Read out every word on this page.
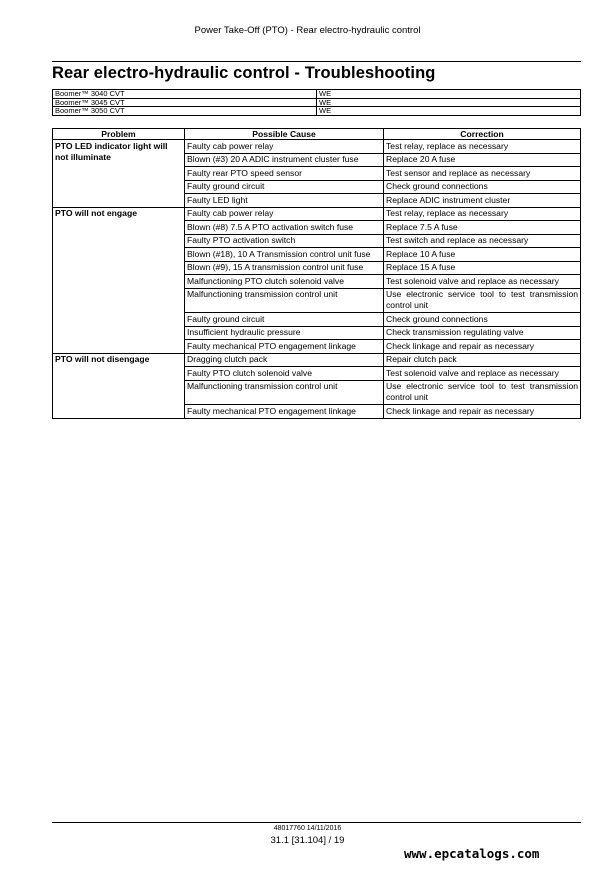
Power Take-Off (PTO) - Rear electro-hydraulic control
Rear electro-hydraulic control - Troubleshooting
Boomer™ 3040 CVT	WE
Boomer™ 3045 CVT	WE
Boomer™ 3050 CVT	WE
Problem	Possible Cause	Correction
PTO LED indicator light will not illuminate	Faulty cab power relay	Test relay, replace as necessary
	Blown (#3) 20 A ADIC instrument cluster fuse	Replace 20 A fuse
	Faulty rear PTO speed sensor	Test sensor and replace as necessary
	Faulty ground circuit	Check ground connections
	Faulty LED light	Replace ADIC instrument cluster
PTO will not engage	Faulty cab power relay	Test relay, replace as necessary
	Blown (#8) 7.5 A PTO activation switch fuse	Replace 7.5 A fuse
	Faulty PTO activation switch	Test switch and replace as necessary
	Blown (#18), 10 A Transmission control unit fuse	Replace 10 A fuse
	Blown (#9), 15 A transmission control unit fuse	Replace 15 A fuse
	Malfunctioning PTO clutch solenoid valve	Test solenoid valve and replace as necessary
	Malfunctioning transmission control unit	Use electronic service tool to test transmission control unit
	Faulty ground circuit	Check ground connections
	Insufficient hydraulic pressure	Check transmission regulating valve
	Faulty mechanical PTO engagement linkage	Check linkage and repair as necessary
PTO will not disengage	Dragging clutch pack	Repair clutch pack
	Faulty PTO clutch solenoid valve	Test solenoid valve and replace as necessary
	Malfunctioning transmission control unit	Use electronic service tool to test transmission control unit
	Faulty mechanical PTO engagement linkage	Check linkage and repair as necessary
48017760 14/11/2016
31.1 [31.104] / 19
www.epcatalogs.com
